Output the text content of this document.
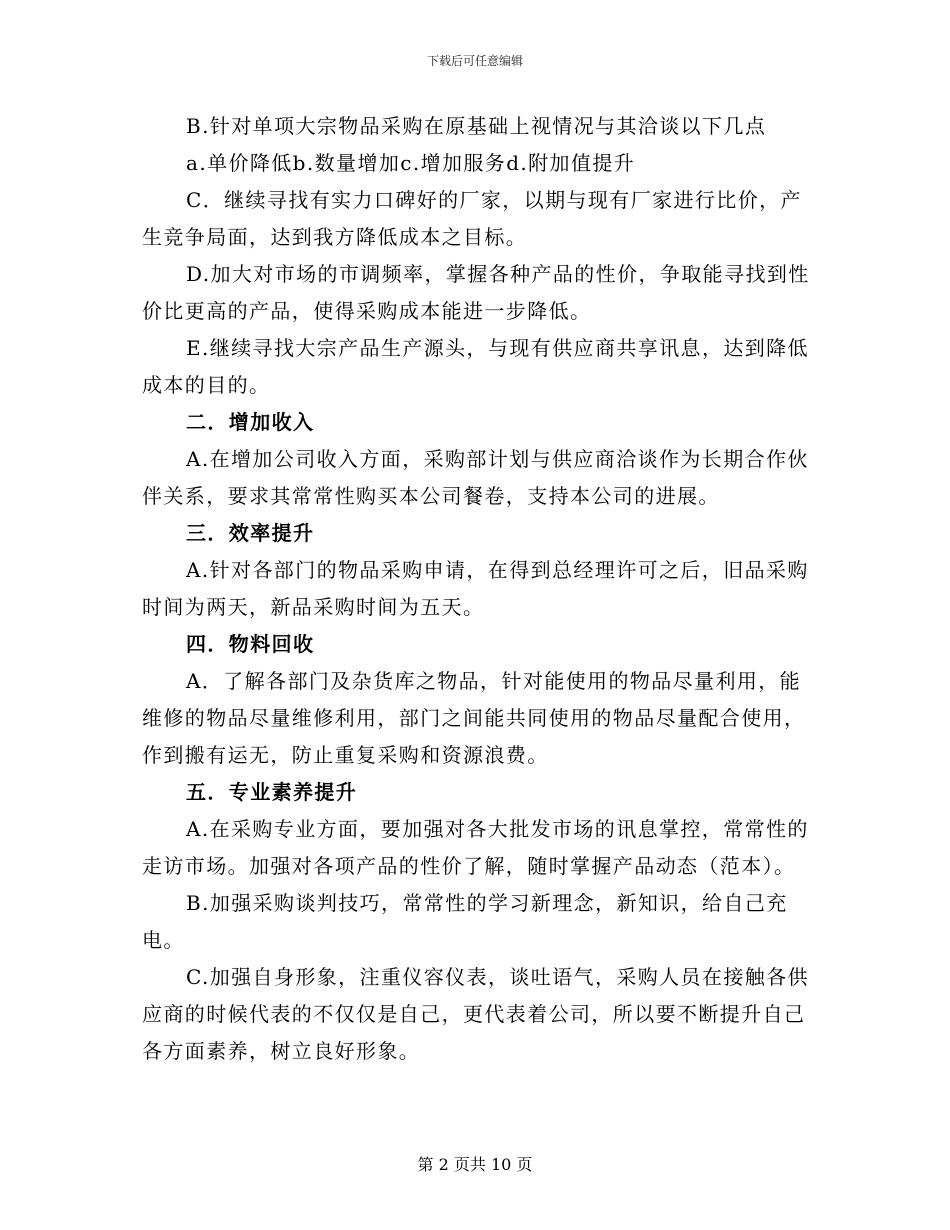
下载后可任意编辑

B.针对单项大宗物品采购在原基础上视情况与其洽谈以下几点

a.单价降低b.数量增加c.增加服务d.附加值提升

C．继续寻找有实力口碑好的厂家，以期与现有厂家进行比价，产生竞争局面，达到我方降低成本之目标。

D.加大对市场的市调频率，掌握各种产品的性价，争取能寻找到性价比更高的产品，使得采购成本能进一步降低。

E.继续寻找大宗产品生产源头，与现有供应商共享讯息，达到降低成本的目的。

二．增加收入

A.在增加公司收入方面，采购部计划与供应商洽谈作为长期合作伙伴关系，要求其常常性购买本公司餐卷，支持本公司的进展。

三．效率提升

A.针对各部门的物品采购申请，在得到总经理许可之后，旧品采购时间为两天，新品采购时间为五天。

四．物料回收

A．了解各部门及杂货库之物品，针对能使用的物品尽量利用，能维修的物品尽量维修利用，部门之间能共同使用的物品尽量配合使用，作到搬有运无，防止重复采购和资源浪费。

五．专业素养提升

A.在采购专业方面，要加强对各大批发市场的讯息掌控，常常性的走访市场。加强对各项产品的性价了解，随时掌握产品动态（范本）。

B.加强采购谈判技巧，常常性的学习新理念，新知识，给自己充电。

C.加强自身形象，注重仪容仪表，谈吐语气，采购人员在接触各供应商的时候代表的不仅仅是自己，更代表着公司，所以要不断提升自己各方面素养，树立良好形象。

第 2 页共 10 页
